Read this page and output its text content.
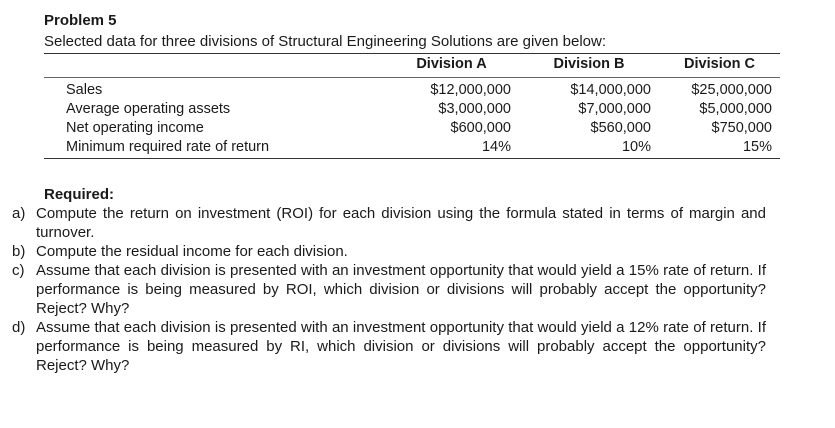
Problem 5
Selected data for three divisions of Structural Engineering Solutions are given below:
	Division A	Division B	Division C
Sales	$12,000,000	$14,000,000	$25,000,000
Average operating assets	$3,000,000	$7,000,000	$5,000,000
Net operating income	$600,000	$560,000	$750,000
Minimum required rate of return	14%	10%	15%
Required:
a) Compute the return on investment (ROI) for each division using the formula stated in terms of margin and turnover.
b) Compute the residual income for each division.
c) Assume that each division is presented with an investment opportunity that would yield a 15% rate of return. If performance is being measured by ROI, which division or divisions will probably accept the opportunity? Reject? Why?
d) Assume that each division is presented with an investment opportunity that would yield a 12% rate of return. If performance is being measured by RI, which division or divisions will probably accept the opportunity? Reject? Why?
